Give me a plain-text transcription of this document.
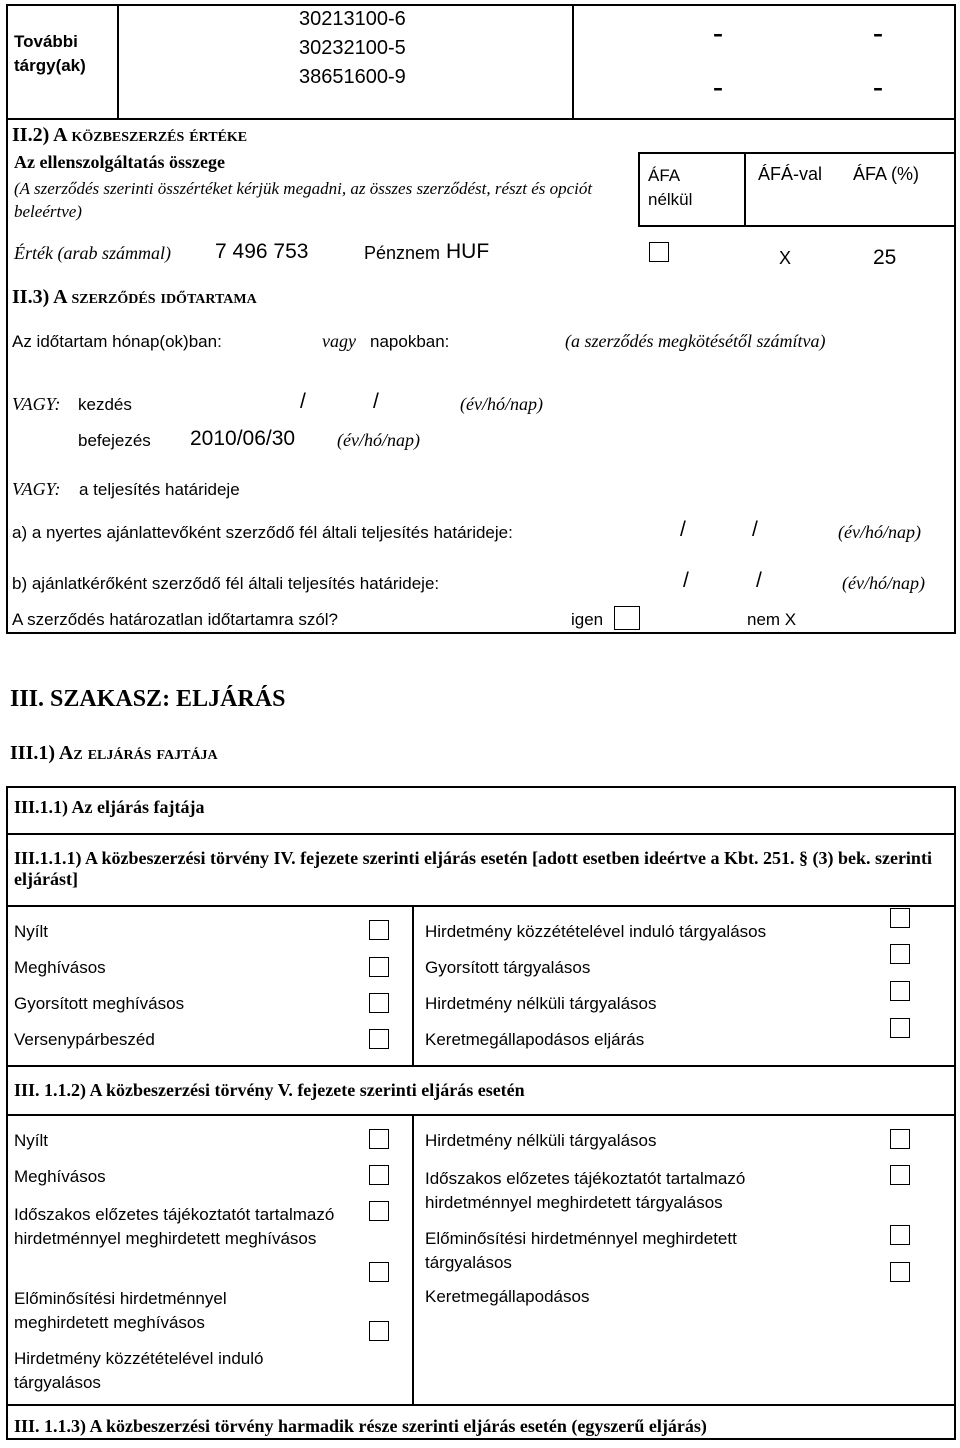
További tárgy(ak)
30213100-6
30232100-5
38651600-9
-	-
-	-
II.2) A közbeszerzés értéke
Az ellenszolgáltatás összege
(A szerződés szerinti összértéket kérjük megadni, az összes szerződést, részt és opciót beleértve)
ÁFA nélkül
ÁFÁ-val ÁFA (%)
Érték (arab számmal) 7 496 753	Pénznem HUF	X	25
II.3) A szerződés időtartama
Az időtartam hónap(ok)ban:	vagy napokban:	(a szerződés megkötésétől számítva)
VAGY: kezdés	/	/	(év/hó/nap)
befejezés 2010/06/30 (év/hó/nap)
VAGY: a teljesítés határideje
a) a nyertes ajánlattevőként szerződő fél általi teljesítés határideje:	/	/	(év/hó/nap)
b) ajánlatkérőként szerződő fél általi teljesítés határideje:	/	/	(év/hó/nap)
A szerződés határozatlan időtartamra szól?	igen	nem X
III. SZAKASZ: ELJÁRÁS
III.1) Az eljárás fajtája
III.1.1) Az eljárás fajtája
III.1.1.1) A közbeszerzési törvény IV. fejezete szerinti eljárás esetén [adott esetben ideértve a Kbt. 251. § (3) bek. szerinti eljárást]
Nyílt
Meghívásos
Gyorsított meghívásos
Versenypárbeszéd
Hirdetmény közzétételével induló tárgyalásos
Gyorsított tárgyalásos
Hirdetmény nélküli tárgyalásos
Keretmegállapodásos eljárás
III. 1.1.2) A közbeszerzési törvény V. fejezete szerinti eljárás esetén
Nyílt
Meghívásos
Időszakos előzetes tájékoztatót tartalmazó hirdetménnyel meghirdetett meghívásos
Előminősítési hirdetménnyel meghirdetett meghívásos
Hirdetmény közzétételével induló tárgyalásos
Hirdetmény nélküli tárgyalásos
Időszakos előzetes tájékoztatót tartalmazó hirdetménnyel meghirdetett tárgyalásos
Előminősítési hirdetménnyel meghirdetett tárgyalásos
Keretmegállapodásos
III. 1.1.3) A közbeszerzési törvény harmadik része szerinti eljárás esetén (egyszerű eljárás)
